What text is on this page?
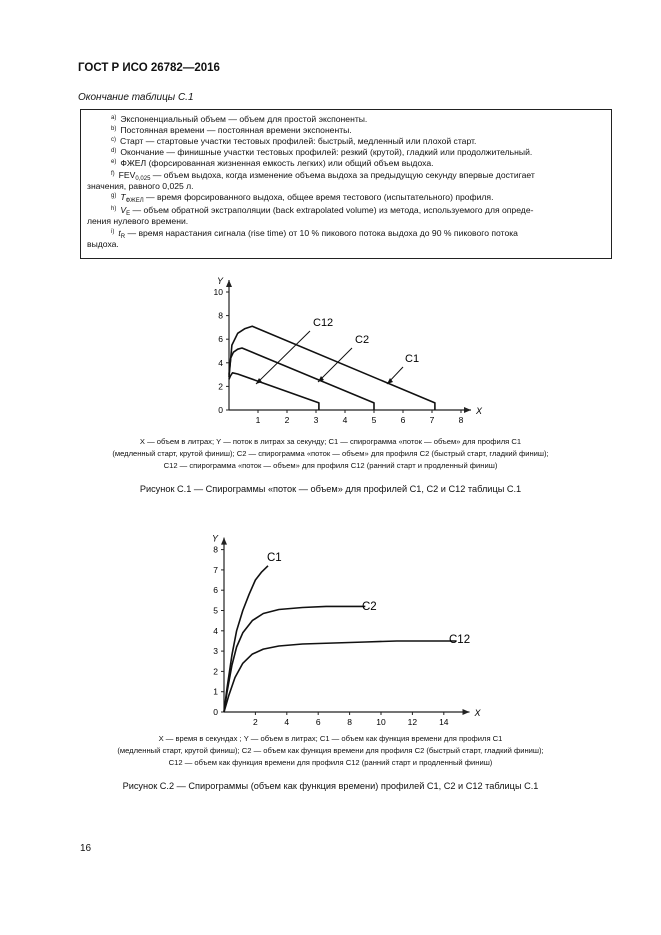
ГОСТ Р ИСО 26782—2016
Окончание таблицы С.1
$^{a)}$ Экспоненциальный объем — объем для простой экспоненты.
$^{b)}$ Постоянная времени — постоянная времени экспоненты.
$^{c)}$ Старт — стартовые участки тестовых профилей: быстрый, медленный или плохой старт.
$^{d)}$ Окончание — финишные участки тестовых профилей: резкий (крутой), гладкий или продолжительный.
$^{e)}$ ФЖЕЛ (форсированная жизненная емкость легких) или общий объем выдоха.
$^{f)}$ $FEV_{0,025}$ — объем выдоха, когда изменение объема выдоха за предыдущую секунду впервые достигает
значения, равного 0,025 л.
$^{g)}$ $T_{ФЖЕЛ}$ — время форсированного выдоха, общее время тестового (испытательного) профиля.
$^{h)}$ $V_E$ — объем обратной экстраполяции (back extrapolated volume) из метода, используемого для опреде-
ления нулевого времени.
$^{i)}$ $t_R$ — время нарастания сигнала (rise time) от 10 % пикового потока выдоха до 90 % пикового потока
выдоха.
Y
X
0
2
4
6
8
10
1	2	3	4	5	6	7	8
С1
С2
С12
X — объем в литрах; Y — поток в литрах за секунду; С1 — спирограмма «поток — объем» для профиля С1
(медленный старт, крутой финиш); С2 — спирограмма «поток — объем» для профиля С2 (быстрый старт, гладкий финиш);
С12 — спирограмма «поток — объем» для профиля С12 (ранний старт и продленный финиш)
Рисунок С.1 — Спирограммы «поток — объем» для профилей С1, С2 и С12 таблицы С.1
Y
X
0
1
2
3
4
5
6
7
8
2	4	6	8	10	12	14
С1
С2
С12
X — время в секундах ; Y — объем в литрах; С1 — объем как функция времени для профиля С1
(медленный старт, крутой финиш); С2 — объем как функция времени для профиля С2 (быстрый старт, гладкий финиш);
С12 — объем как функция времени для профиля С12 (ранний старт и продленный финиш)
Рисунок С.2 — Спирограммы (объем как функция времени) профилей С1, С2 и С12 таблицы С.1
16
